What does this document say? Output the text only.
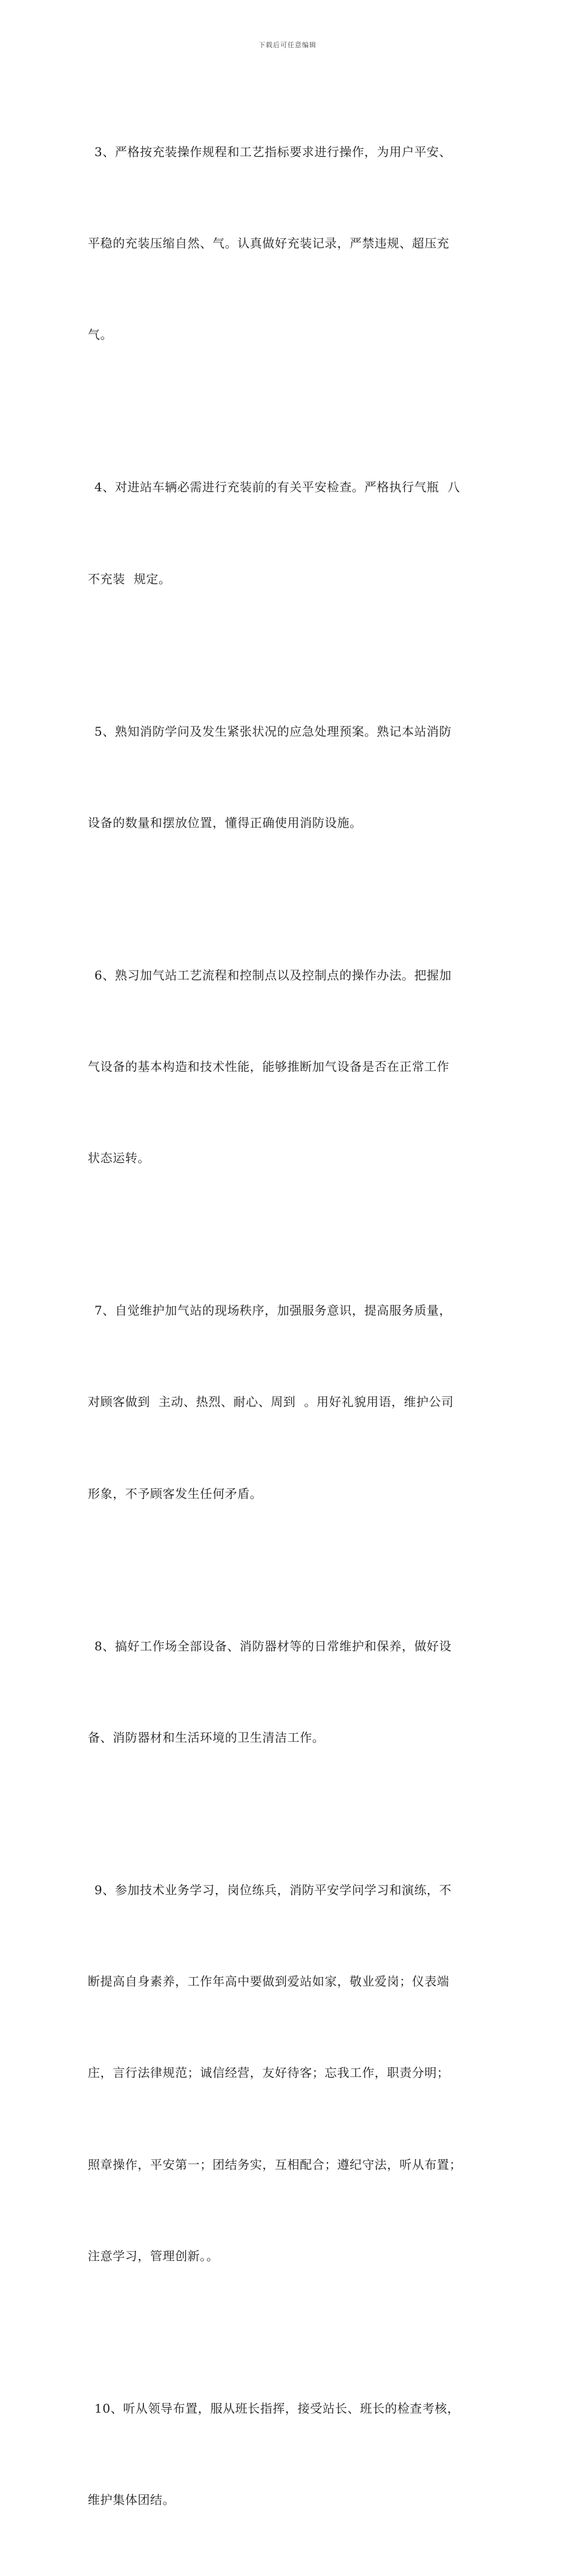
下载后可任意编辑

3、严格按充装操作规程和工艺指标要求进行操作，为用户平安、

平稳的充装压缩自然、气。认真做好充装记录，严禁违规、超压充

气。

4、对进站车辆必需进行充装前的有关平安检查。严格执行气瓶  八

不充装  规定。

5、熟知消防学问及发生紧张状况的应急处理预案。熟记本站消防

设备的数量和摆放位置，懂得正确使用消防设施。

6、熟习加气站工艺流程和控制点以及控制点的操作办法。把握加

气设备的基本构造和技术性能，能够推断加气设备是否在正常工作

状态运转。

7、自觉维护加气站的现场秩序，加强服务意识，提高服务质量，

对顾客做到  主动、热烈、耐心、周到  。用好礼貌用语，维护公司

形象，不予顾客发生任何矛盾。

8、搞好工作场全部设备、消防器材等的日常维护和保养，做好设

备、消防器材和生活环境的卫生清洁工作。

9、参加技术业务学习，岗位练兵，消防平安学问学习和演练，不

断提高自身素养，工作年高中要做到爱站如家，敬业爱岗；仪表端

庄，言行法律规范；诚信经营，友好待客；忘我工作，职责分明；

照章操作，平安第一；团结务实，互相配合；遵纪守法，听从布置；

注意学习，管理创新。。

10、听从领导布置，服从班长指挥，接受站长、班长的检查考核，

维护集体团结。
